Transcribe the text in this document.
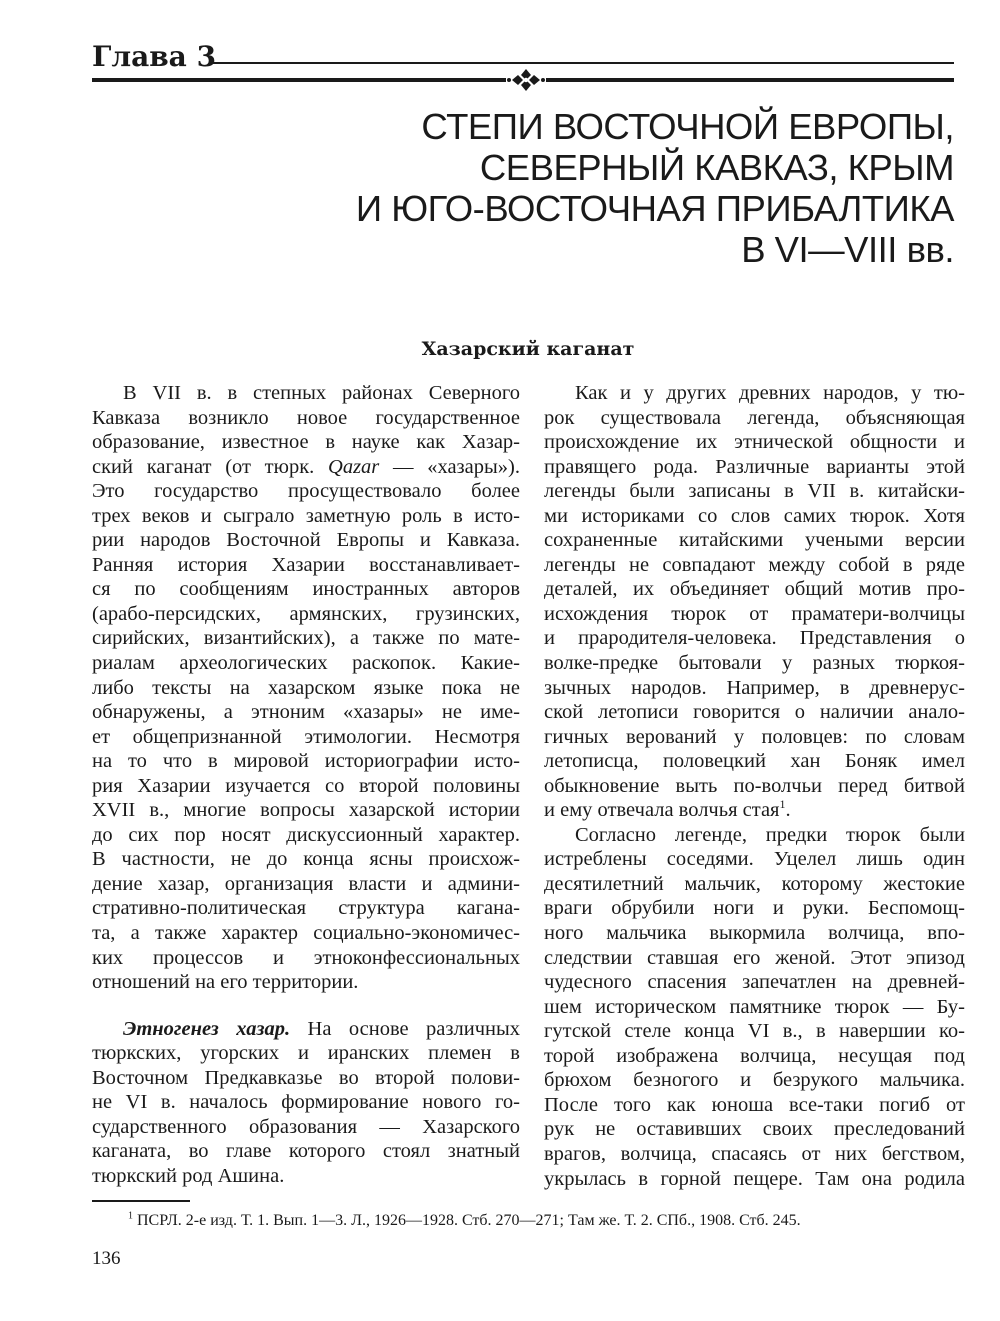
Глава 3
СТЕПИ ВОСТОЧНОЙ ЕВРОПЫ,
СЕВЕРНЫЙ КАВКАЗ, КРЫМ
И ЮГО-ВОСТОЧНАЯ ПРИБАЛТИКА
В VI—VIII вв.
Хазарский каганат
В VII в. в степных районах Северного
Кавказа возникло новое государственное
образование, известное в науке как Хазар-
ский каганат (от тюрк. Qazar — «хазары»).
Это государство просуществовало более
трех веков и сыграло заметную роль в исто-
рии народов Восточной Европы и Кавказа.
Ранняя история Хазарии восстанавливает-
ся по сообщениям иностранных авторов
(арабо-персидских, армянских, грузинских,
сирийских, византийских), а также по мате-
риалам археологических раскопок. Какие-
либо тексты на хазарском языке пока не
обнаружены, а этноним «хазары» не име-
ет общепризнанной этимологии. Несмотря
на то что в мировой историографии исто-
рия Хазарии изучается со второй половины
XVII в., многие вопросы хазарской истории
до сих пор носят дискуссионный характер.
В частности, не до конца ясны происхож-
дение хазар, организация власти и админи-
стративно-политическая структура кагана-
та, а также характер социально-экономичес-
ких процессов и этноконфессиональных
отношений на его территории.
Этногенез хазар. На основе различных
тюркских, угорских и иранских племен в
Восточном Предкавказье во второй полови-
не VI в. началось формирование нового го-
сударственного образования — Хазарского
каганата, во главе которого стоял знатный
тюркский род Ашина.
Как и у других древних народов, у тю-
рок существовала легенда, объясняющая
происхождение их этнической общности и
правящего рода. Различные варианты этой
легенды были записаны в VII в. китайски-
ми историками со слов самих тюрок. Хотя
сохраненные китайскими учеными версии
легенды не совпадают между собой в ряде
деталей, их объединяет общий мотив про-
исхождения тюрок от праматери-волчицы
и прародителя-человека. Представления о
волке-предке бытовали у разных тюркоя-
зычных народов. Например, в древнерус-
ской летописи говорится о наличии анало-
гичных верований у половцев: по словам
летописца, половецкий хан Боняк имел
обыкновение выть по-волчьи перед битвой
и ему отвечала волчья стая$^1$.
Согласно легенде, предки тюрок были
истреблены соседями. Уцелел лишь один
десятилетний мальчик, которому жестокие
враги обрубили ноги и руки. Беспомощ-
ного мальчика выкормила волчица, впо-
следствии ставшая его женой. Этот эпизод
чудесного спасения запечатлен на древней-
шем историческом памятнике тюрок — Бу-
гутской стеле конца VI в., в навершии ко-
торой изображена волчица, несущая под
брюхом безногого и безрукого мальчика.
После того как юноша все-таки погиб от
рук не оставивших своих преследований
врагов, волчица, спасаясь от них бегством,
укрылась в горной пещере. Там она родила
$^1$ ПСРЛ. 2-е изд. Т. 1. Вып. 1—3. Л., 1926—1928. Стб. 270—271; Там же. Т. 2. СПб., 1908. Стб. 245.
136
